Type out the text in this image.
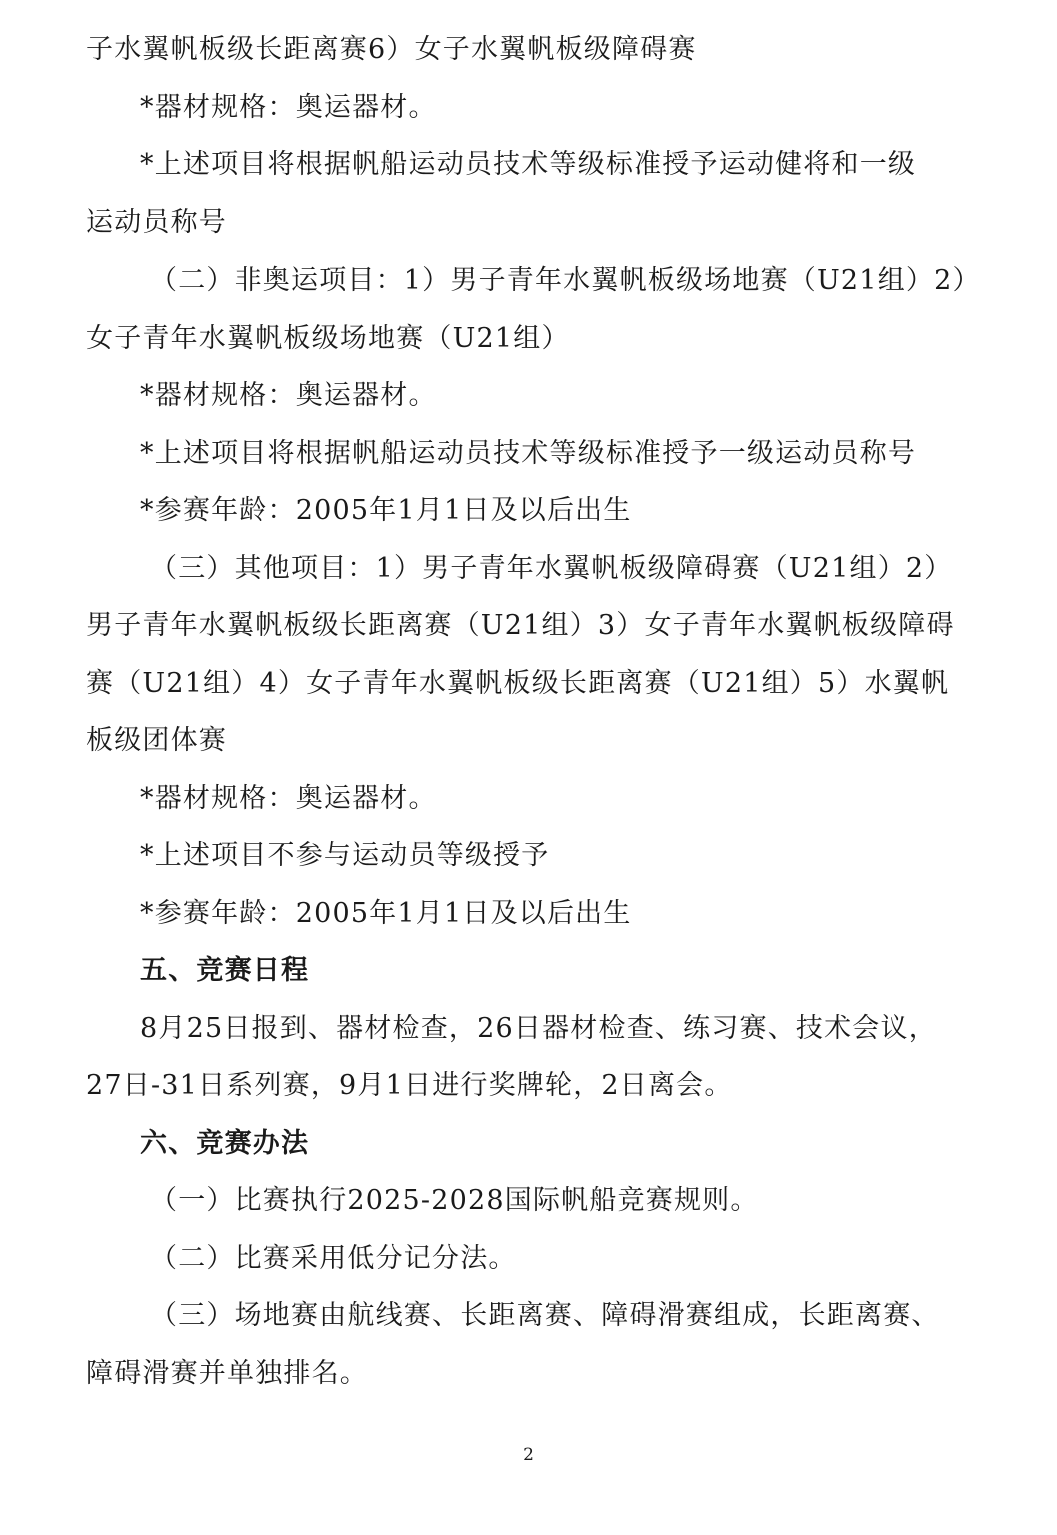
子水翼帆板级长距离赛6）女子水翼帆板级障碍赛
*器材规格：奥运器材。
*上述项目将根据帆船运动员技术等级标准授予运动健将和一级
运动员称号
（二）非奥运项目：1）男子青年水翼帆板级场地赛（U21组）2）
女子青年水翼帆板级场地赛（U21组）
*器材规格：奥运器材。
*上述项目将根据帆船运动员技术等级标准授予一级运动员称号
*参赛年龄：2005年1月1日及以后出生
（三）其他项目：1）男子青年水翼帆板级障碍赛（U21组）2）
男子青年水翼帆板级长距离赛（U21组）3）女子青年水翼帆板级障碍
赛（U21组）4）女子青年水翼帆板级长距离赛（U21组）5）水翼帆
板级团体赛
*器材规格：奥运器材。
*上述项目不参与运动员等级授予
*参赛年龄：2005年1月1日及以后出生
五、竞赛日程
8月25日报到、器材检查，26日器材检查、练习赛、技术会议，
27日-31日系列赛，9月1日进行奖牌轮，2日离会。
六、竞赛办法
（一）比赛执行2025-2028国际帆船竞赛规则。
（二）比赛采用低分记分法。
（三）场地赛由航线赛、长距离赛、障碍滑赛组成，长距离赛、
障碍滑赛并单独排名。
2
